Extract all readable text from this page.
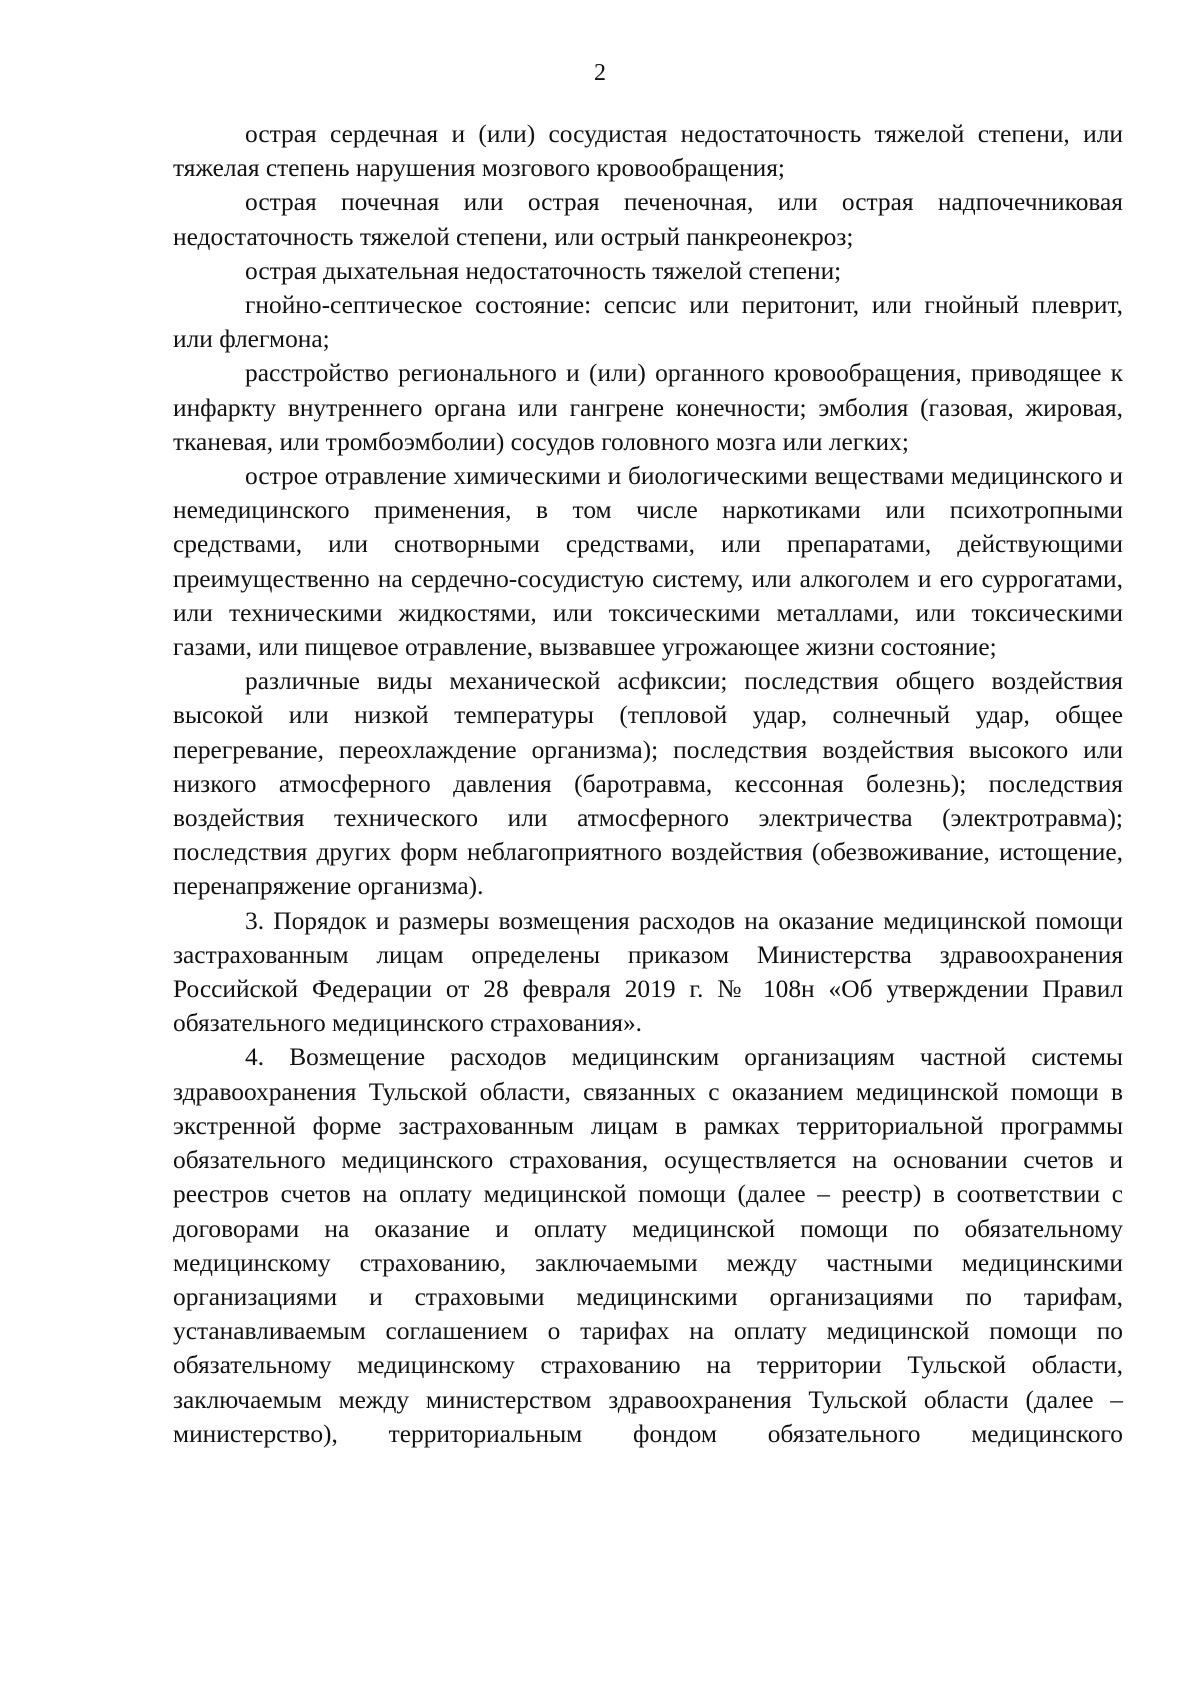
2

острая сердечная и (или) сосудистая недостаточность тяжелой степени, или тяжелая степень нарушения мозгового кровообращения;

острая почечная или острая печеночная, или острая надпочечниковая недостаточность тяжелой степени, или острый панкреонекроз;

острая дыхательная недостаточность тяжелой степени;

гнойно-септическое состояние: сепсис или перитонит, или гнойный плеврит, или флегмона;

расстройство регионального и (или) органного кровообращения, приводящее к инфаркту внутреннего органа или гангрене конечности; эмболия (газовая, жировая, тканевая, или тромбоэмболии) сосудов головного мозга или легких;

острое отравление химическими и биологическими веществами медицинского и немедицинского применения, в том числе наркотиками или психотропными средствами, или снотворными средствами, или препаратами, действующими преимущественно на сердечно-сосудистую систему, или алкоголем и его суррогатами, или техническими жидкостями, или токсическими металлами, или токсическими газами, или пищевое отравление, вызвавшее угрожающее жизни состояние;

различные виды механической асфиксии; последствия общего воздействия высокой или низкой температуры (тепловой удар, солнечный удар, общее перегревание, переохлаждение организма); последствия воздействия высокого или низкого атмосферного давления (баротравма, кессонная болезнь); последствия воздействия технического или атмосферного электричества (электротравма); последствия других форм неблагоприятного воздействия (обезвоживание, истощение, перенапряжение организма).

3. Порядок и размеры возмещения расходов на оказание медицинской помощи застрахованным лицам определены приказом Министерства здравоохранения Российской Федерации от 28 февраля 2019 г. № 108н «Об утверждении Правил обязательного медицинского страхования».

4. Возмещение расходов медицинским организациям частной системы здравоохранения Тульской области, связанных с оказанием медицинской помощи в экстренной форме застрахованным лицам в рамках территориальной программы обязательного медицинского страхования, осуществляется на основании счетов и реестров счетов на оплату медицинской помощи (далее – реестр) в соответствии с договорами на оказание и оплату медицинской помощи по обязательному медицинскому страхованию, заключаемыми между частными медицинскими организациями и страховыми медицинскими организациями по тарифам, устанавливаемым соглашением о тарифах на оплату медицинской помощи по обязательному медицинскому страхованию на территории Тульской области, заключаемым между министерством здравоохранения Тульской области (далее – министерство), территориальным фондом обязательного медицинского
